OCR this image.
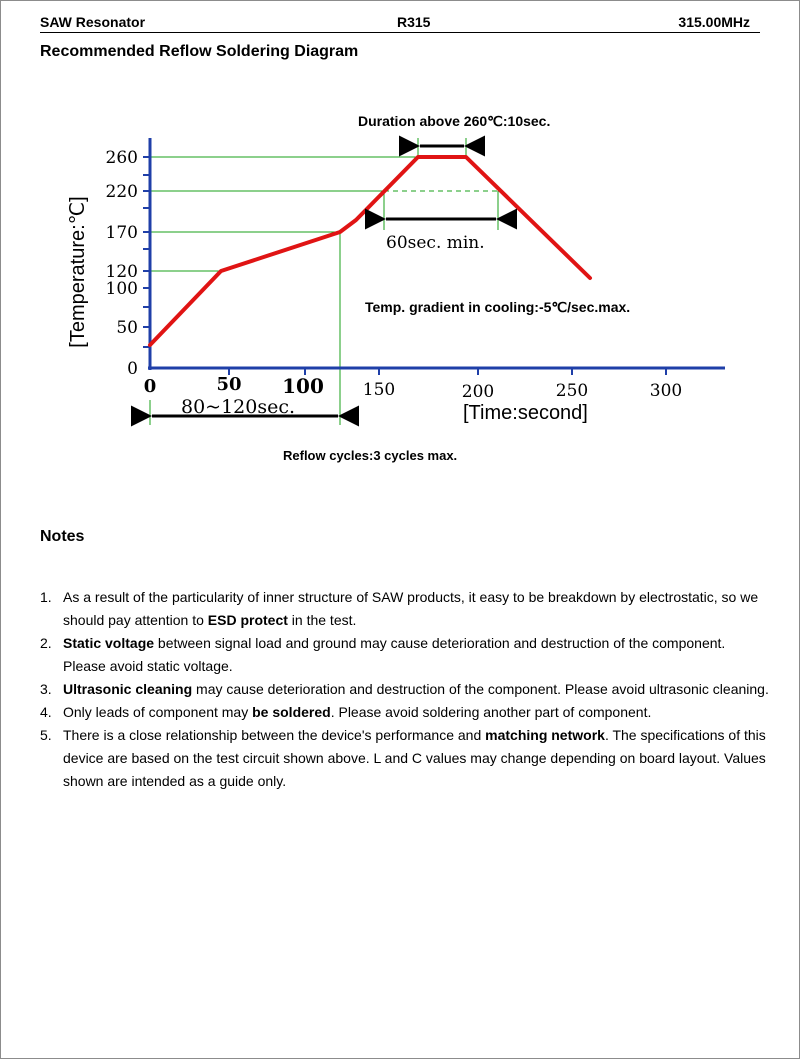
SAW Resonator	R315	315.00MHz
Recommended Reflow Soldering Diagram
260
220
170
120
100
50
0
0	50 100 150	200	250	300
[Temperature:℃]
[Time:second]
Duration above 260℃:10sec.
60sec. min.
80~120sec.
Temp. gradient in cooling:-5℃/sec.max.
Reflow cycles:3 cycles max.
Notes
1. As a result of the particularity of inner structure of SAW products, it easy to be breakdown by electrostatic, so we should pay attention to ESD protect in the test.
2. Static voltage between signal load and ground may cause deterioration and destruction of the component. Please avoid static voltage.
3. Ultrasonic cleaning may cause deterioration and destruction of the component. Please avoid ultrasonic cleaning.
4. Only leads of component may be soldered. Please avoid soldering another part of component.
5. There is a close relationship between the device's performance and matching network. The specifications of this device are based on the test circuit shown above. L and C values may change depending on board layout. Values shown are intended as a guide only.
